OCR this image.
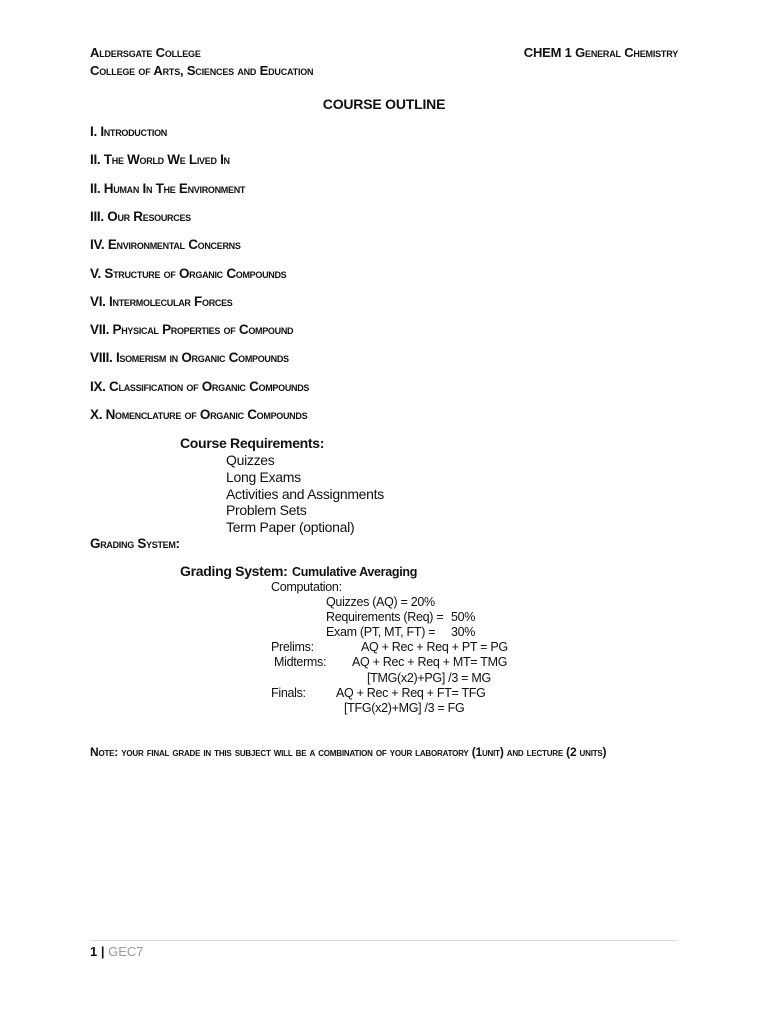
Aldersgate College
College of Arts, Sciences and Education
CHEM 1 General Chemistry
COURSE OUTLINE
I. Introduction
II. The World We Lived In
II. Human In The Environment
III. Our Resources
IV. Environmental Concerns
V. Structure of Organic Compounds
VI. Intermolecular Forces
VII. Physical Properties of Compound
VIII. Isomerism in Organic Compounds
IX. Classification of Organic Compounds
X. Nomenclature of Organic Compounds
Course Requirements:
Quizzes
Long Exams
Activities and Assignments
Problem Sets
Term Paper (optional)
Grading System:
Grading System: Cumulative Averaging
Computation:
Quizzes (AQ) = 20%
Requirements (Req) = 50%
Exam (PT, MT, FT) = 30%
Prelims:	AQ + Rec + Req + PT = PG
Midterms: AQ + Rec + Req + MT= TMG
[TMG(x2)+PG] /3 = MG
Finals: AQ + Rec + Req + FT= TFG
[TFG(x2)+MG] /3 = FG
Note: your final grade in this subject will be a combination of your laboratory (1unit) and lecture (2 units)
1 | GEC7
